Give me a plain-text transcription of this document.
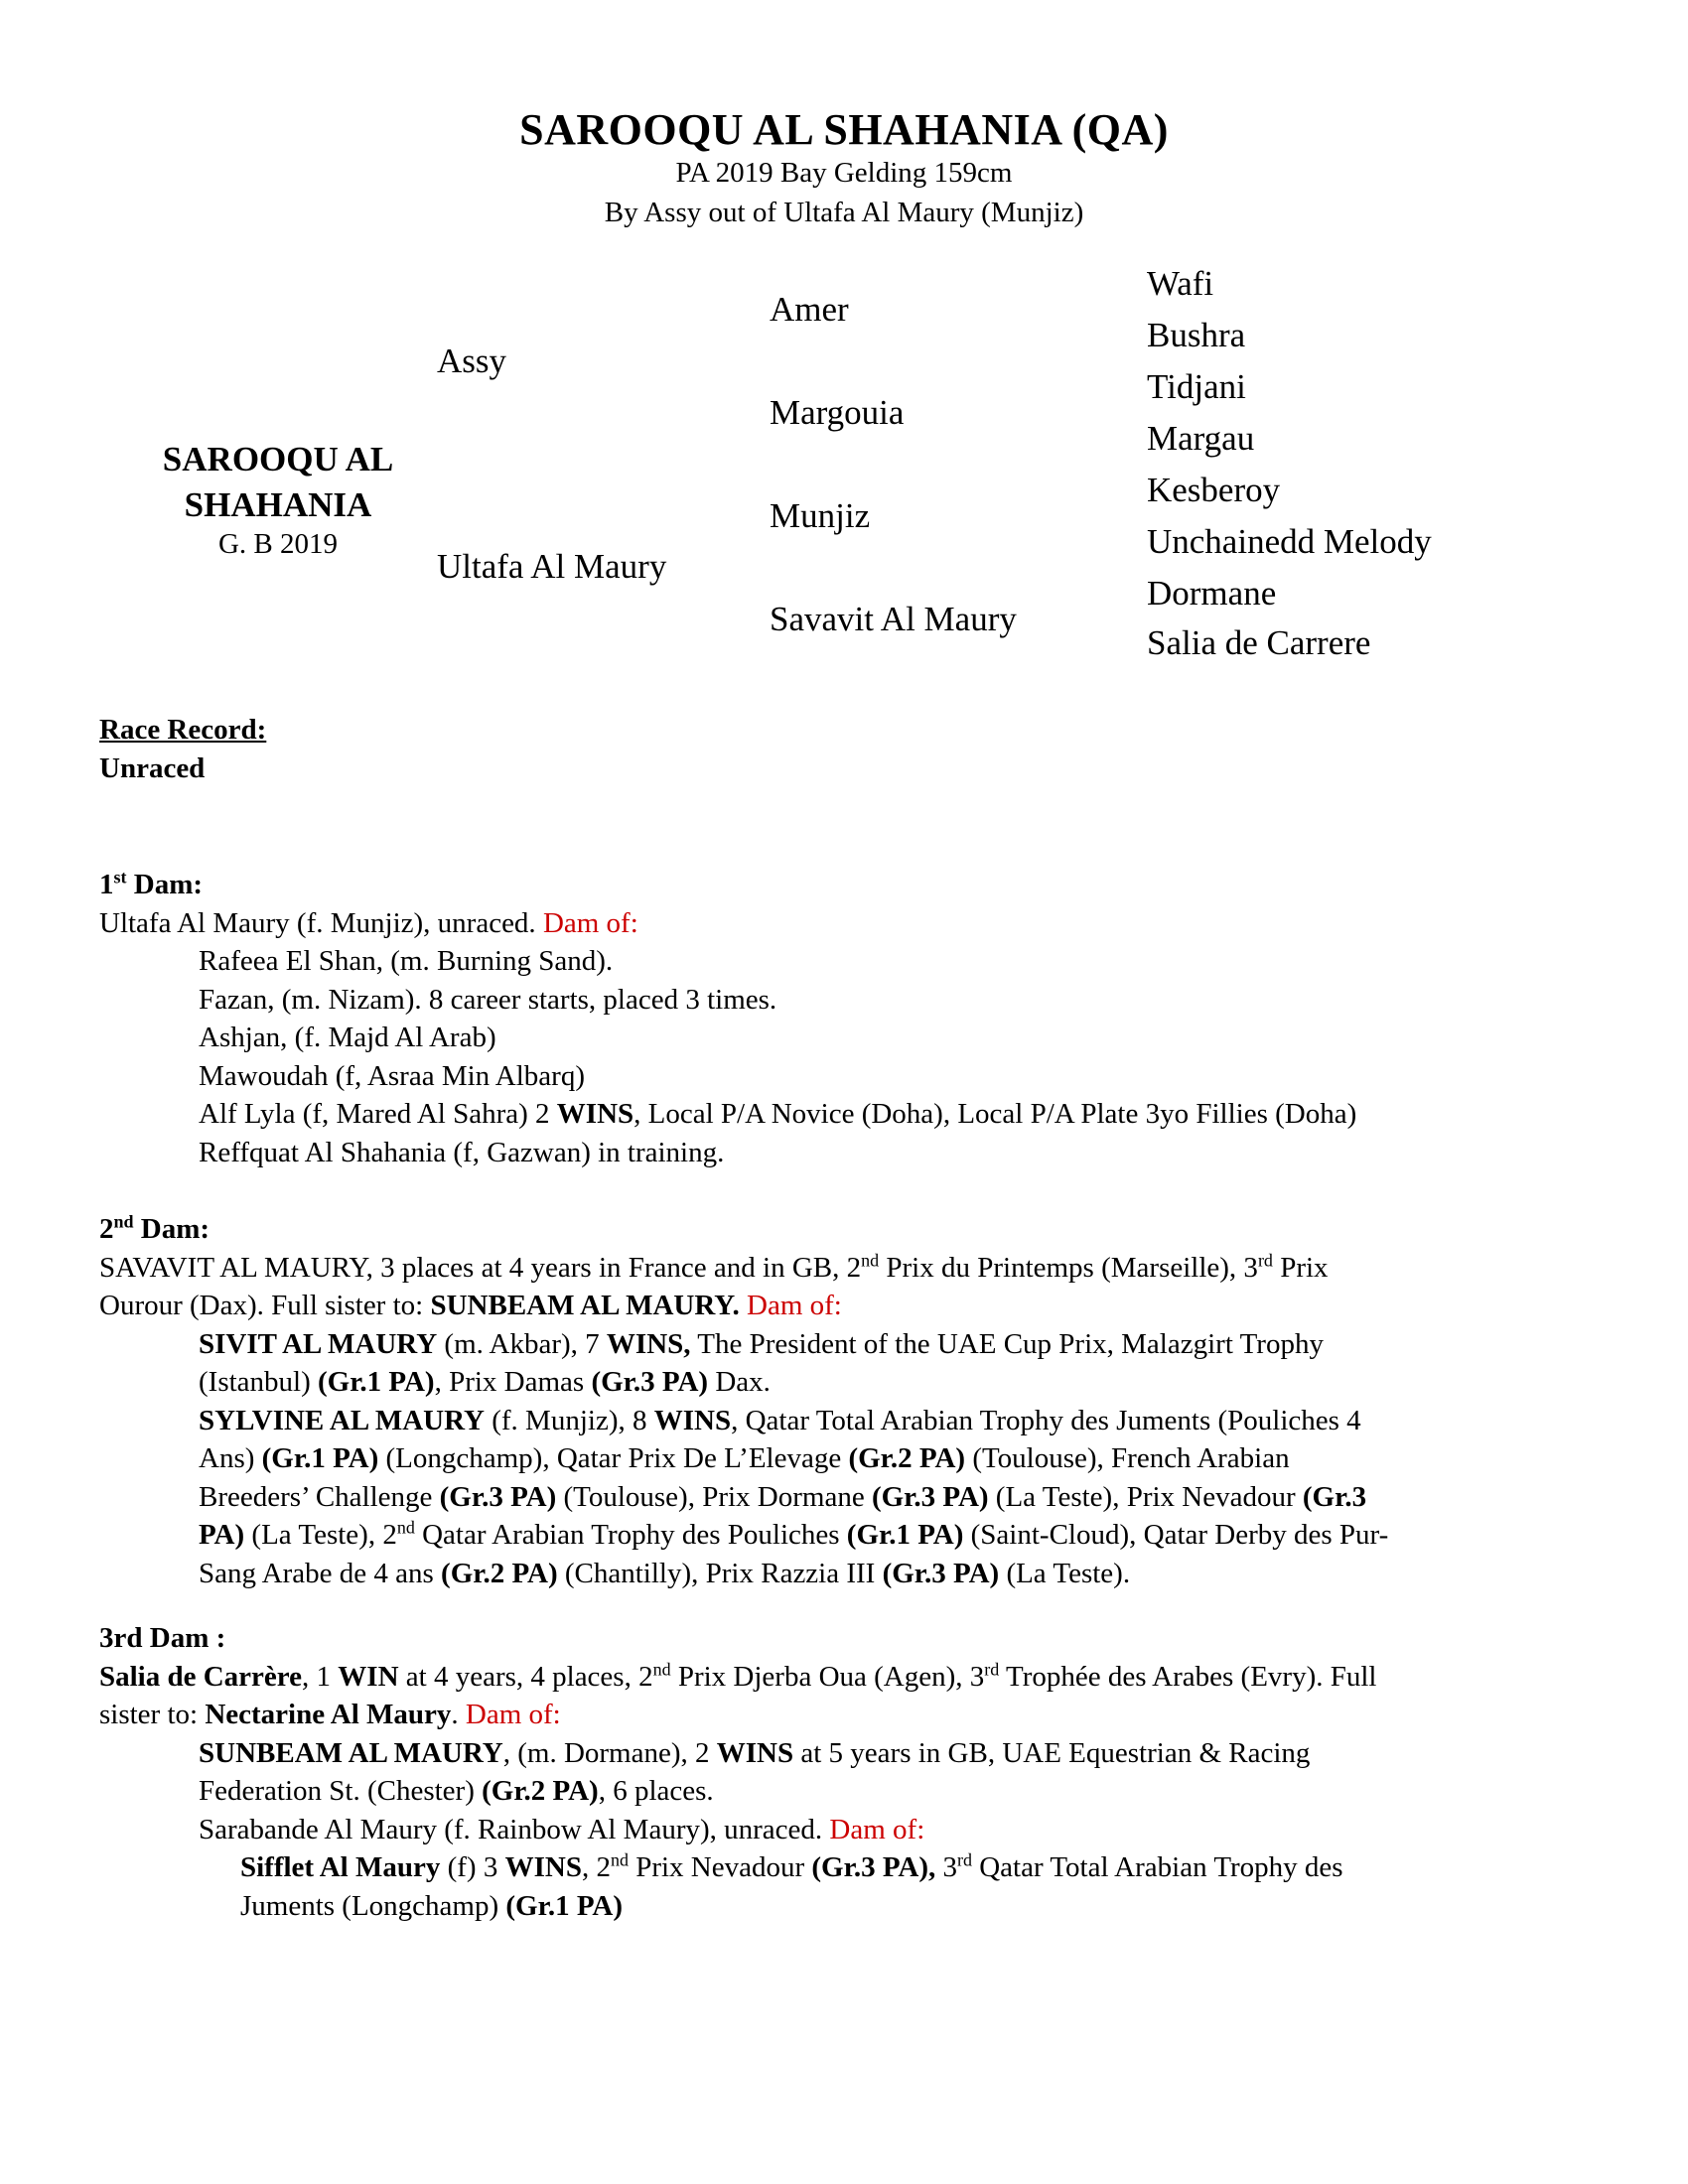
SAROOQU AL SHAHANIA (QA)
PA 2019 Bay Gelding 159cm
By Assy out of Ultafa Al Maury (Munjiz)
SAROOQU AL
SHAHANIA
G. B 2019
Assy
Ultafa Al Maury
Amer
Margouia
Munjiz
Savavit Al Maury
Wafi
Bushra
Tidjani
Margau
Kesberoy
Unchainedd Melody
Dormane
Salia de Carrere

Race Record:

Unraced

1st Dam:

Ultafa Al Maury (f. Munjiz), unraced. Dam of:

Rafeea El Shan, (m. Burning Sand).

Fazan, (m. Nizam). 8 career starts, placed 3 times.

Ashjan, (f. Majd Al Arab)

Mawoudah (f, Asraa Min Albarq)

Alf Lyla (f, Mared Al Sahra) 2 WINS, Local P/A Novice (Doha), Local P/A Plate 3yo Fillies (Doha)

Reffquat Al Shahania (f, Gazwan) in training.

2nd Dam:

SAVAVIT AL MAURY, 3 places at 4 years in France and in GB, 2nd Prix du Printemps (Marseille), 3rd Prix

Ourour (Dax). Full sister to: SUNBEAM AL MAURY. Dam of:

SIVIT AL MAURY (m. Akbar), 7 WINS, The President of the UAE Cup Prix, Malazgirt Trophy

(Istanbul) (Gr.1 PA), Prix Damas (Gr.3 PA) Dax.

SYLVINE AL MAURY (f. Munjiz), 8 WINS, Qatar Total Arabian Trophy des Juments (Pouliches 4

Ans) (Gr.1 PA) (Longchamp), Qatar Prix De L’Elevage (Gr.2 PA) (Toulouse), French Arabian

Breeders’ Challenge (Gr.3 PA) (Toulouse), Prix Dormane (Gr.3 PA) (La Teste), Prix Nevadour (Gr.3

PA) (La Teste), 2nd Qatar Arabian Trophy des Pouliches (Gr.1 PA) (Saint-Cloud), Qatar Derby des Pur-

Sang Arabe de 4 ans (Gr.2 PA) (Chantilly), Prix Razzia III (Gr.3 PA) (La Teste).

3rd Dam :

Salia de Carrère, 1 WIN at 4 years, 4 places, 2nd Prix Djerba Oua (Agen), 3rd Trophée des Arabes (Evry). Full

sister to: Nectarine Al Maury. Dam of:

SUNBEAM AL MAURY, (m. Dormane), 2 WINS at 5 years in GB, UAE Equestrian & Racing

Federation St. (Chester) (Gr.2 PA), 6 places.

Sarabande Al Maury (f. Rainbow Al Maury), unraced. Dam of:

Sifflet Al Maury (f) 3 WINS, 2nd Prix Nevadour (Gr.3 PA), 3rd Qatar Total Arabian Trophy des

Juments (Longchamp) (Gr.1 PA)
